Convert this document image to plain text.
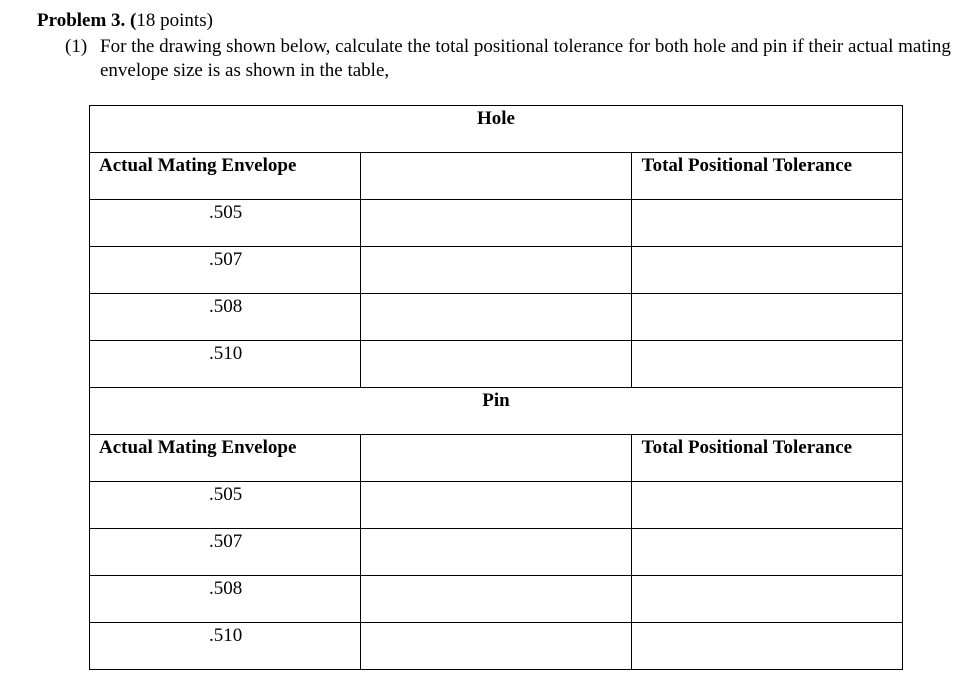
Problem 3. (18 points)
(1) For the drawing shown below, calculate the total positional tolerance for both hole and pin if their actual mating envelope size is as shown in the table,
Hole		
Actual Mating Envelope		Total Positional Tolerance
.505		
.507		
.508		
.510		
Pin		
Actual Mating Envelope		Total Positional Tolerance
.505		
.507		
.508		
.510		
